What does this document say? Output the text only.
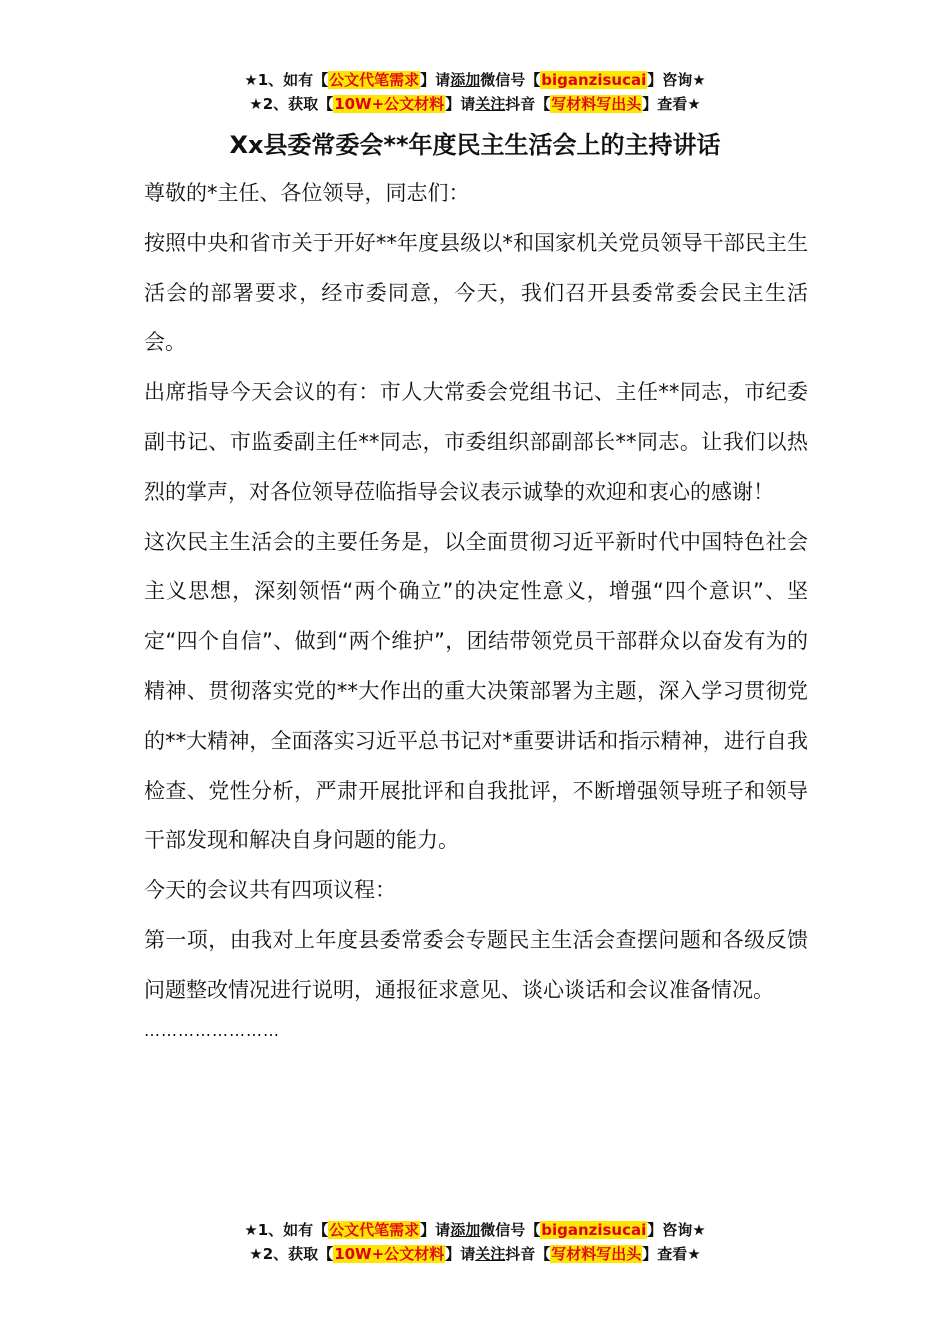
★1、如有【公文代笔需求】请添加微信号【biganzisucai】咨询★
★2、获取【10W+公文材料】请关注抖音【写材料写出头】查看★
Xx县委常委会**年度民主生活会上的主持讲话

尊敬的*主任、各位领导，同志们：

按照中央和省市关于开好**年度县级以*和国家机关党员领导干部民主生活会的部署要求，经市委同意，今天，我们召开县委常委会民主生活会。

出席指导今天会议的有：市人大常委会党组书记、主任**同志，市纪委副书记、市监委副主任**同志，市委组织部副部长**同志。让我们以热烈的掌声，对各位领导莅临指导会议表示诚挚的欢迎和衷心的感谢！

这次民主生活会的主要任务是，以全面贯彻习近平新时代中国特色社会主义思想，深刻领悟“两个确立”的决定性意义，增强“四个意识”、坚定“四个自信”、做到“两个维护”，团结带领党员干部群众以奋发有为的精神、贯彻落实党的**大作出的重大决策部署为主题，深入学习贯彻党的**大精神，全面落实习近平总书记对*重要讲话和指示精神，进行自我检查、党性分析，严肃开展批评和自我批评，不断增强领导班子和领导干部发现和解决自身问题的能力。

今天的会议共有四项议程：

第一项，由我对上年度县委常委会专题民主生活会查摆问题和各级反馈问题整改情况进行说明，通报征求意见、谈心谈话和会议准备情况。

……………………

★1、如有【公文代笔需求】请添加微信号【biganzisucai】咨询★
★2、获取【10W+公文材料】请关注抖音【写材料写出头】查看★
